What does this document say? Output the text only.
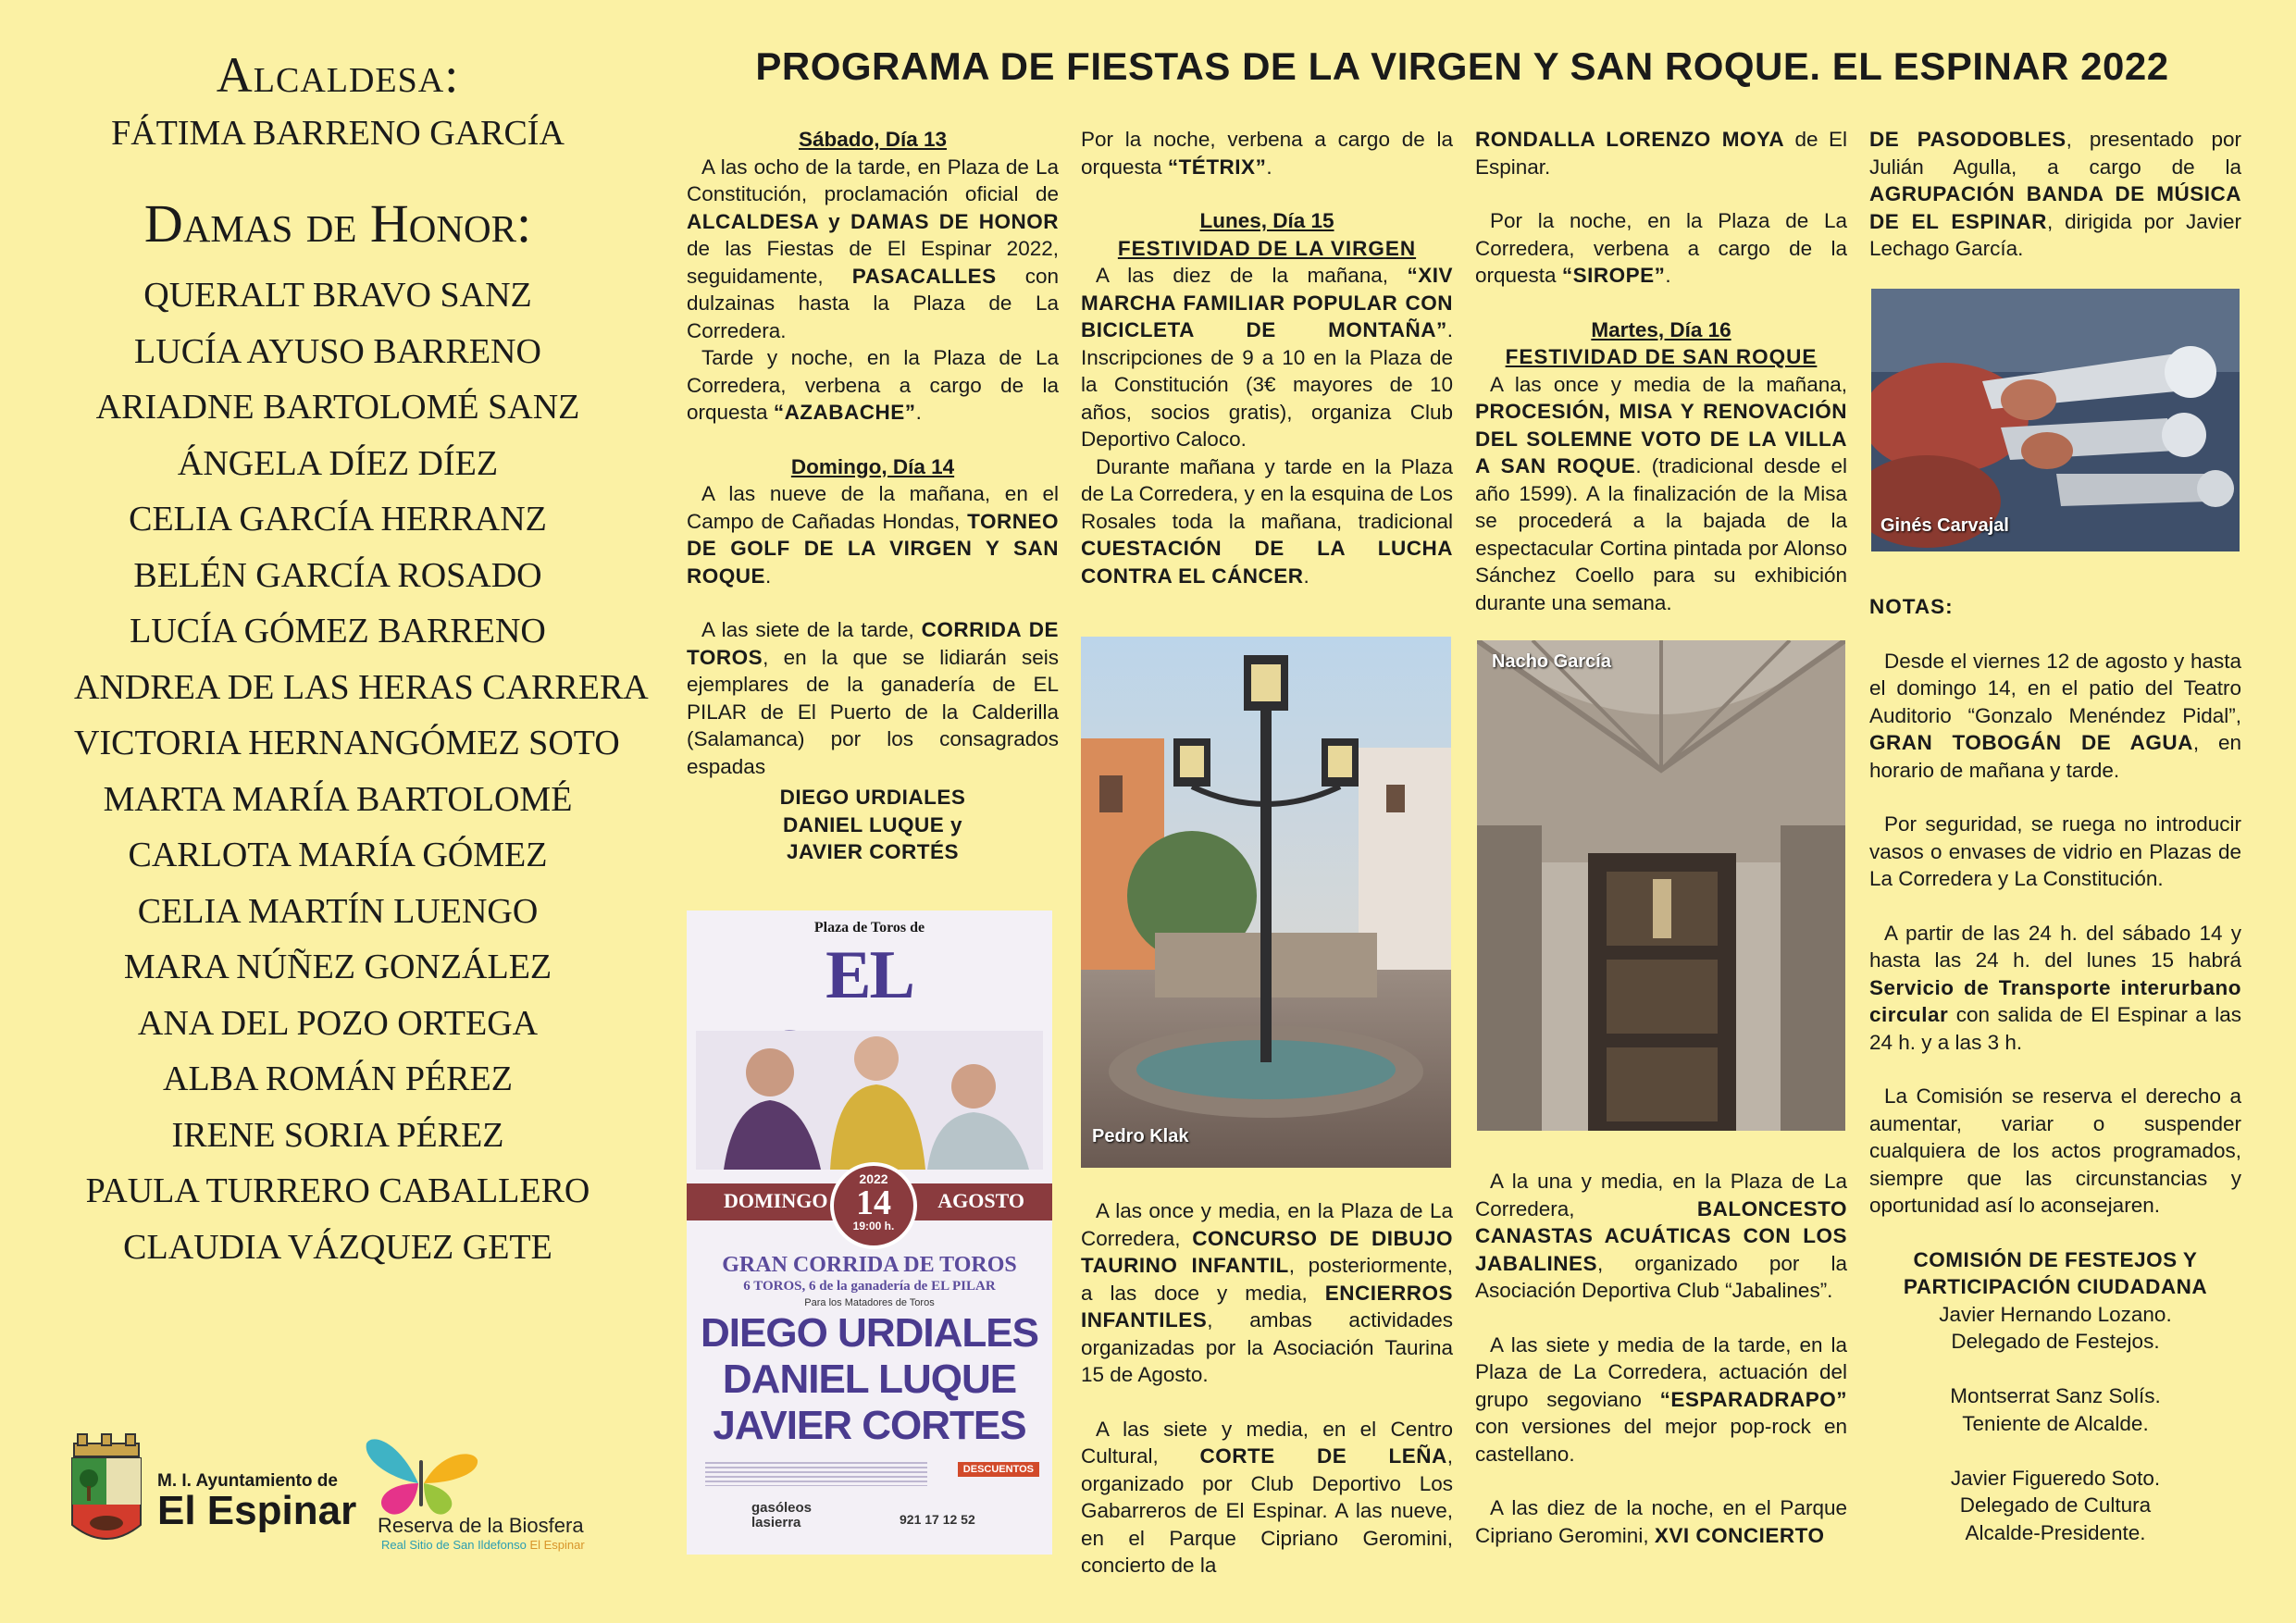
Alcaldesa:
FÁTIMA BARRENO GARCÍA
Damas de Honor:
QUERALT BRAVO SANZ
LUCÍA AYUSO BARRENO
ARIADNE BARTOLOMÉ SANZ
ÁNGELA DÍEZ DÍEZ
CELIA GARCÍA HERRANZ
BELÉN GARCÍA ROSADO
LUCÍA GÓMEZ BARRENO
ANDREA DE LAS HERAS CARRERA
VICTORIA HERNANGÓMEZ SOTO
MARTA MARÍA BARTOLOMÉ
CARLOTA MARÍA GÓMEZ
CELIA MARTÍN LUENGO
MARA NÚÑEZ GONZÁLEZ
ANA DEL POZO ORTEGA
ALBA ROMÁN PÉREZ
IRENE SORIA PÉREZ
PAULA TURRERO CABALLERO
CLAUDIA VÁZQUEZ GETE
M. I. Ayuntamiento de
El Espinar Reserva de la Biosfera
Real Sitio de San Ildefonso El Espinar
PROGRAMA DE FIESTAS DE LA VIRGEN Y SAN ROQUE. EL ESPINAR 2022

Sábado, Día 13

A las ocho de la tarde, en Plaza de La Constitución, proclamación oficial de ALCALDESA y DAMAS DE HONOR de las Fiestas de El Espinar 2022, seguidamente, PASACALLES con dulzainas hasta la Plaza de La Corredera.

Tarde y noche, en la Plaza de La Corredera, verbena a cargo de la orquesta “AZABACHE”.

Domingo, Día 14

A las nueve de la mañana, en el Campo de Cañadas Hondas, TORNEO DE GOLF DE LA VIRGEN Y SAN ROQUE.

A las siete de la tarde, CORRIDA DE TOROS, en la que se lidiarán seis ejemplares de la ganadería de EL PILAR de El Puerto de la Calderilla (Salamanca) por los consagrados espadas

DIEGO URDIALES
DANIEL LUQUE y
JAVIER CORTÉS

Plaza de Toros de
EL
DOMINGO	AGOSTO
2022
14
19:00 h.
GRAN CORRIDA DE TOROS
6 TOROS, 6 de la ganadería de EL PILAR
Para los Matadores de Toros
DIEGO URDIALES
DANIEL LUQUE
JAVIER CORTES
DESCUENTOS
gasóleos lasierra	921 17 12 52

Por la noche, verbena a cargo de la orquesta “TÉTRIX”.

Lunes, Día 15

FESTIVIDAD DE LA VIRGEN

A las diez de la mañana, “XIV MARCHA FAMILIAR POPULAR CON BICICLETA DE MONTAÑA”. Inscripciones de 9 a 10 en la Plaza de la Constitución (3€ mayores de 10 años, socios gratis), organiza Club Deportivo Caloco.

Durante mañana y tarde en la Plaza de La Corredera, y en la esquina de Los Rosales toda la mañana, tradicional CUESTACIÓN DE LA LUCHA CONTRA EL CÁNCER.

Pedro Klak

A las once y media, en la Plaza de La Corredera, CONCURSO DE DIBUJO TAURINO INFANTIL, posteriormente, a las doce y media, ENCIERROS INFANTILES, ambas actividades organizadas por la Asociación Taurina 15 de Agosto.

A las siete y media, en el Centro Cultural, CORTE DE LEÑA, organizado por Club Deportivo Los Gabarreros de El Espinar. A las nueve, en el Parque Cipriano Geromini, concierto de la

RONDALLA LORENZO MOYA de El Espinar.

Por la noche, en la Plaza de La Corredera, verbena a cargo de la orquesta “SIROPE”.

Martes, Día 16

FESTIVIDAD DE SAN ROQUE

A las once y media de la mañana, PROCESIÓN, MISA Y RENOVACIÓN DEL SOLEMNE VOTO DE LA VILLA A SAN ROQUE. (tradicional desde el año 1599). A la finalización de la Misa se procederá a la bajada de la espectacular Cortina pintada por Alonso Sánchez Coello para su exhibición durante una semana.

Nacho García

A la una y media, en la Plaza de La Corredera, BALONCESTO CANASTAS ACUÁTICAS CON LOS JABALINES, organizado por la Asociación Deportiva Club “Jabalines”.

A las siete y media de la tarde, en la Plaza de La Corredera, actuación del grupo segoviano “ESPARADRAPO” con versiones del mejor pop-rock en castellano.

A las diez de la noche, en el Parque Cipriano Geromini, XVI CONCIERTO

DE PASODOBLES, presentado por Julián Agulla, a cargo de la AGRUPACIÓN BANDA DE MÚSICA DE EL ESPINAR, dirigida por Javier Lechago García.

Ginés Carvajal

NOTAS:

Desde el viernes 12 de agosto y hasta el domingo 14, en el patio del Teatro Auditorio “Gonzalo Menéndez Pidal”, GRAN TOBOGÁN DE AGUA, en horario de mañana y tarde.

Por seguridad, se ruega no introducir vasos o envases de vidrio en Plazas de La Corredera y La Constitución.

A partir de las 24 h. del sábado 14 y hasta las 24 h. del lunes 15 habrá Servicio de Transporte interurbano circular con salida de El Espinar a las 24 h. y a las 3 h.

La Comisión se reserva el derecho a aumentar, variar o suspender cualquiera de los actos programados, siempre que las circunstancias y oportunidad así lo aconsejaren.

COMISIÓN DE FESTEJOS Y
PARTICIPACIÓN CIUDADANA
Javier Hernando Lozano.
Delegado de Festejos.

Montserrat Sanz Solís.
Teniente de Alcalde.

Javier Figueredo Soto.
Delegado de Cultura
Alcalde-Presidente.
